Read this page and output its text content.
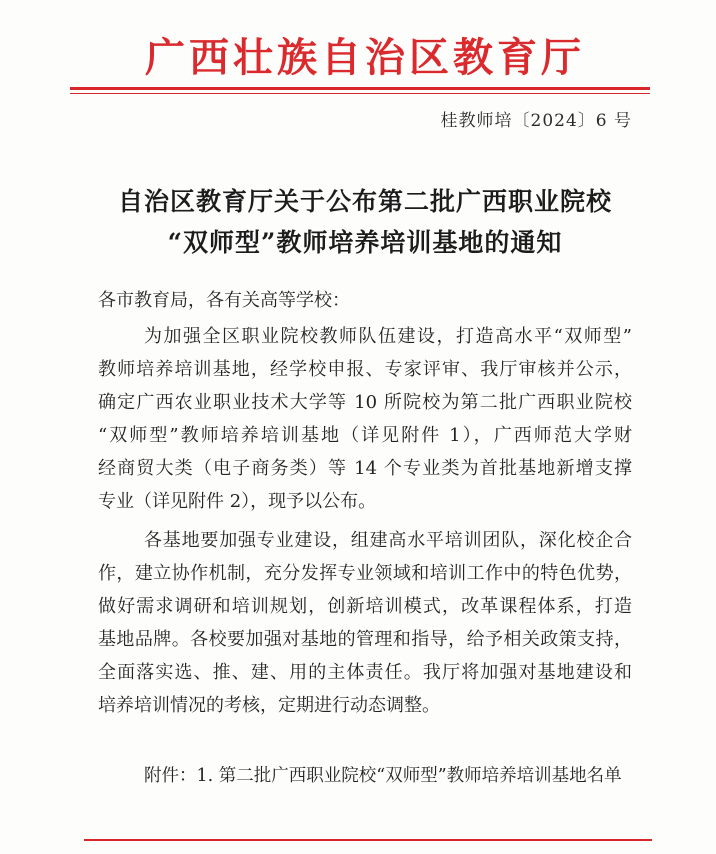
广西壮族自治区教育厅
桂教师培〔2024〕6 号
自治区教育厅关于公布第二批广西职业院校
“双师型”教师培养培训基地的通知
各市教育局，各有关高等学校：
为加强全区职业院校教师队伍建设，打造高水平“双师型”
教师培养培训基地，经学校申报、专家评审、我厅审核并公示，
确定广西农业职业技术大学等 10 所院校为第二批广西职业院校
“双师型”教师培养培训基地（详见附件 1），广西师范大学财
经商贸大类（电子商务类）等 14 个专业类为首批基地新增支撑
专业（详见附件 2），现予以公布。
各基地要加强专业建设，组建高水平培训团队，深化校企合
作，建立协作机制，充分发挥专业领域和培训工作中的特色优势，
做好需求调研和培训规划，创新培训模式，改革课程体系，打造
基地品牌。各校要加强对基地的管理和指导，给予相关政策支持，
全面落实选、推、建、用的主体责任。我厅将加强对基地建设和
培养培训情况的考核，定期进行动态调整。
附件：1. 第二批广西职业院校“双师型”教师培养培训基地名单
